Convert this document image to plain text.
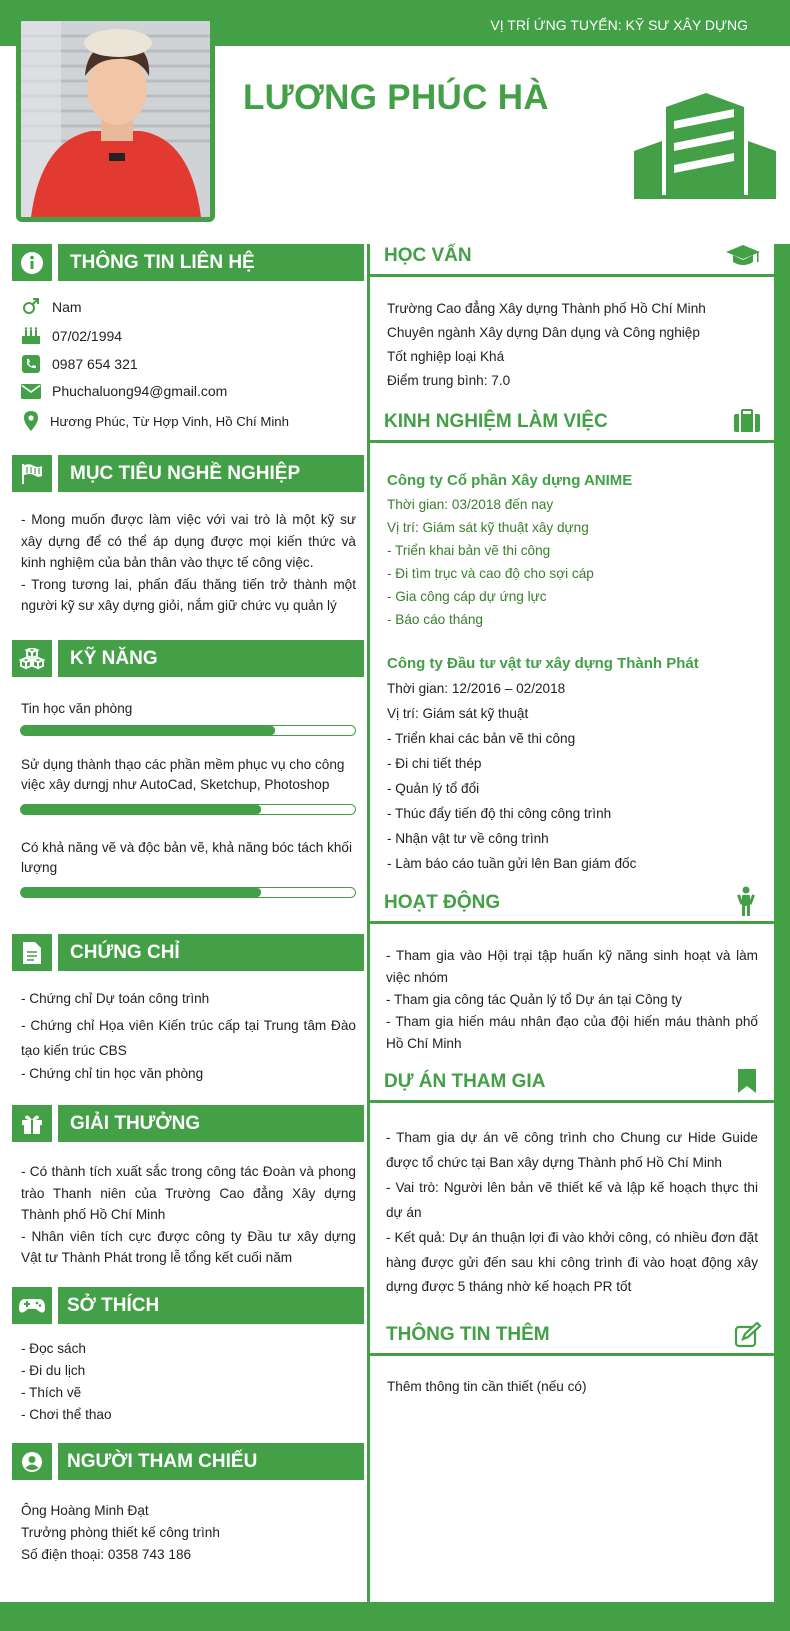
VỊ TRÍ ỨNG TUYỂN: KỸ SƯ XÂY DỰNG
LƯƠNG PHÚC HÀ
THÔNG TIN LIÊN HỆ
Nam
07/02/1994
0987 654 321
Phuchaluong94@gmail.com
Hương Phúc, Từ Hợp Vinh, Hồ Chí Minh
MỤC TIÊU NGHỀ NGHIỆP
- Mong muốn được làm việc với vai trò là một kỹ sư xây dựng để có thể áp dụng được mọi kiến thức và kinh nghiệm của bản thân vào thực tế công việc.
- Trong tương lai, phấn đấu thăng tiến trở thành một người kỹ sư xây dựng giỏi, nắm giữ chức vụ quản lý
KỸ NĂNG
Tin học văn phòng
Sử dụng thành thạo các phần mềm phục vụ cho công việc xây dưngj như AutoCad, Sketchup, Photoshop
Có khả năng vẽ và độc bản vẽ, khả năng bóc tách khối lượng
CHỨNG CHỈ
- Chứng chỉ Dự toán công trình
- Chứng chỉ Họa viên Kiến trúc cấp tại Trung tâm Đào tạo kiến trúc CBS
- Chứng chỉ tin học văn phòng
GIẢI THƯỞNG
- Có thành tích xuất sắc trong công tác Đoàn và phong trào Thanh niên của Trường Cao đẳng Xây dựng Thành phố Hồ Chí Minh
- Nhân viên tích cực được công ty Đầu tư xây dựng Vật tư Thành Phát trong lễ tổng kết cuối năm
SỞ THÍCH
- Đọc sách
- Đi du lịch
- Thích vẽ
- Chơi thể thao
NGƯỜI THAM CHIẾU
Ông Hoàng Minh Đạt
Trưởng phòng thiết kế công trình
Số điện thoại: 0358 743 186
HỌC VẤN
Trường Cao đẳng Xây dựng Thành phố Hồ Chí Minh
Chuyên ngành Xây dựng Dân dụng và Công nghiệp
Tốt nghiệp loại Khá
Điểm trung bình: 7.0
KINH NGHIỆM LÀM VIỆC
Công ty Cổ phần Xây dựng ANIME
Thời gian: 03/2018 đến nay
Vị trí: Giám sát kỹ thuật xây dựng
- Triển khai bản vẽ thi công
- Đi tìm trục và cao độ cho sợi cáp
- Gia công cáp dự ứng lực
- Báo cáo tháng
Công ty Đầu tư vật tư xây dựng Thành Phát
Thời gian: 12/2016 – 02/2018
Vị trí: Giám sát kỹ thuật
- Triển khai các bản vẽ thi công
- Đi chi tiết thép
- Quản lý tổ đổi
- Thúc đẩy tiến độ thi công công trình
- Nhận vật tư về công trình
- Làm báo cáo tuần gửi lên Ban giám đốc
HOẠT ĐỘNG
- Tham gia vào Hội trại tập huấn kỹ năng sinh hoạt và làm việc nhóm
- Tham gia công tác Quản lý tổ Dự án tại Công ty
- Tham gia hiến máu nhân đạo của đội hiến máu thành phố Hồ Chí Minh
DỰ ÁN THAM GIA
- Tham gia dự án vẽ công trình cho Chung cư Hide Guide được tổ chức tại Ban xây dựng Thành phố Hồ Chí Minh
- Vai trò: Người lên bản vẽ thiết kế và lập kế hoạch thực thi dự án
- Kết quả: Dự án thuận lợi đi vào khởi công, có nhiều đơn đặt hàng được gửi đến sau khi công trình đi vào hoạt động xây dựng được 5 tháng nhờ kế hoạch PR tốt
THÔNG TIN THÊM
Thêm thông tin cần thiết (nếu có)
